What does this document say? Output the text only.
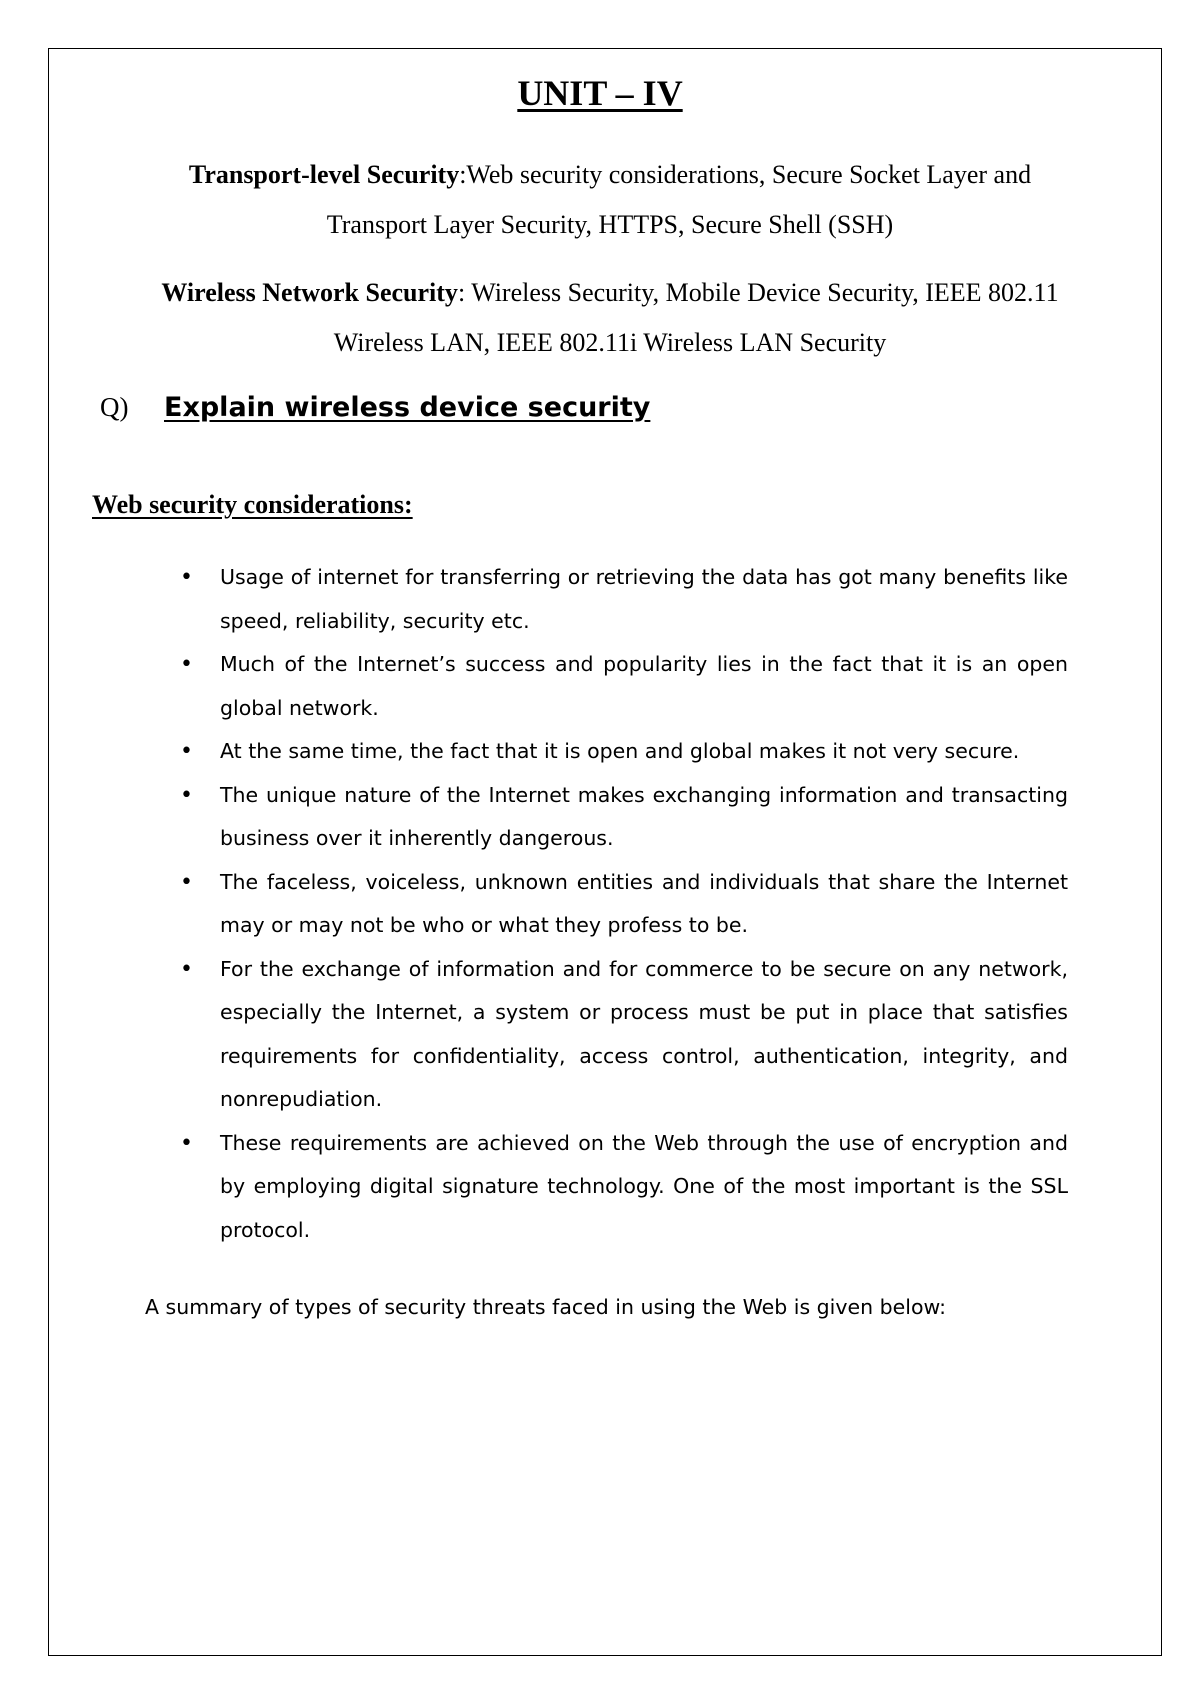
UNIT – IV
Transport-level Security:Web security considerations, Secure Socket Layer and Transport Layer Security, HTTPS, Secure Shell (SSH)
Wireless Network Security: Wireless Security, Mobile Device Security, IEEE 802.11 Wireless LAN, IEEE 802.11i Wireless LAN Security
Q)	Explain wireless device security
Web security considerations:
• Usage of internet for transferring or retrieving the data has got many benefits like speed, reliability, security etc.
• Much of the Internet’s success and popularity lies in the fact that it is an open global network.
• At the same time, the fact that it is open and global makes it not very secure.
• The unique nature of the Internet makes exchanging information and transacting business over it inherently dangerous.
• The faceless, voiceless, unknown entities and individuals that share the Internet may or may not be who or what they profess to be.
• For the exchange of information and for commerce to be secure on any network, especially the Internet, a system or process must be put in place that satisfies requirements for confidentiality, access control, authentication, integrity, and nonrepudiation.
• These requirements are achieved on the Web through the use of encryption and by employing digital signature technology. One of the most important is the SSL protocol.
A summary of types of security threats faced in using the Web is given below:
